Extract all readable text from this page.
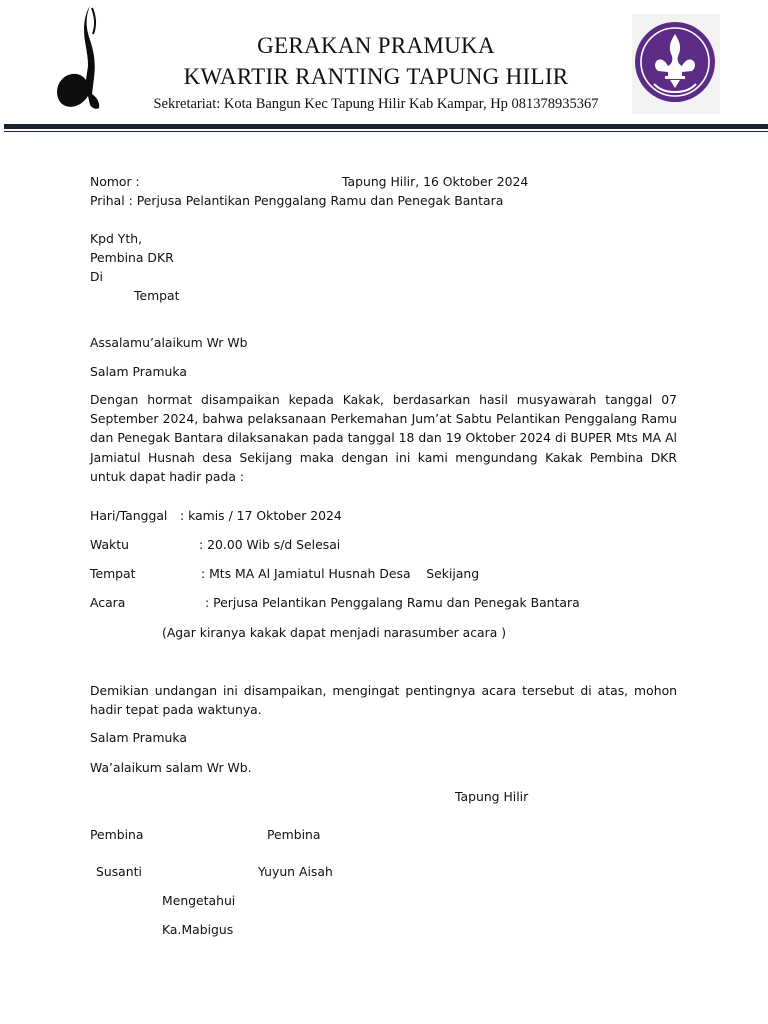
GERAKAN PRAMUKA
KWARTIR RANTING TAPUNG HILIR
Sekretariat: Kota Bangun Kec Tapung Hilir Kab Kampar, Hp 081378935367
Nomor :	Tapung Hilir, 16 Oktober 2024
Prihal : Perjusa Pelantikan Penggalang Ramu dan Penegak Bantara
Kpd Yth,
Pembina DKR
Di
Tempat
Assalamu’alaikum Wr Wb
Salam Pramuka
Dengan hormat disampaikan kepada Kakak, berdasarkan hasil musyawarah tanggal 07 September 2024, bahwa pelaksanaan Perkemahan Jum’at Sabtu Pelantikan Penggalang Ramu dan Penegak Bantara dilaksanakan pada tanggal 18 dan 19 Oktober 2024 di BUPER Mts MA Al Jamiatul Husnah desa Sekijang maka dengan ini kami mengundang Kakak Pembina DKR untuk dapat hadir pada :
Hari/Tanggal : kamis / 17 Oktober 2024
Waktu	: 20.00 Wib s/d Selesai
Tempat	: Mts MA Al Jamiatul Husnah Desa    Sekijang
Acara	: Perjusa Pelantikan Penggalang Ramu dan Penegak Bantara
(Agar kiranya kakak dapat menjadi narasumber acara )
Demikian undangan ini disampaikan, mengingat pentingnya acara tersebut di atas, mohon hadir tepat pada waktunya.
Salam Pramuka
Wa’alaikum salam Wr Wb.
Tapung Hilir
Pembina	Pembina
Susanti	Yuyun Aisah
Mengetahui
Ka.Mabigus
